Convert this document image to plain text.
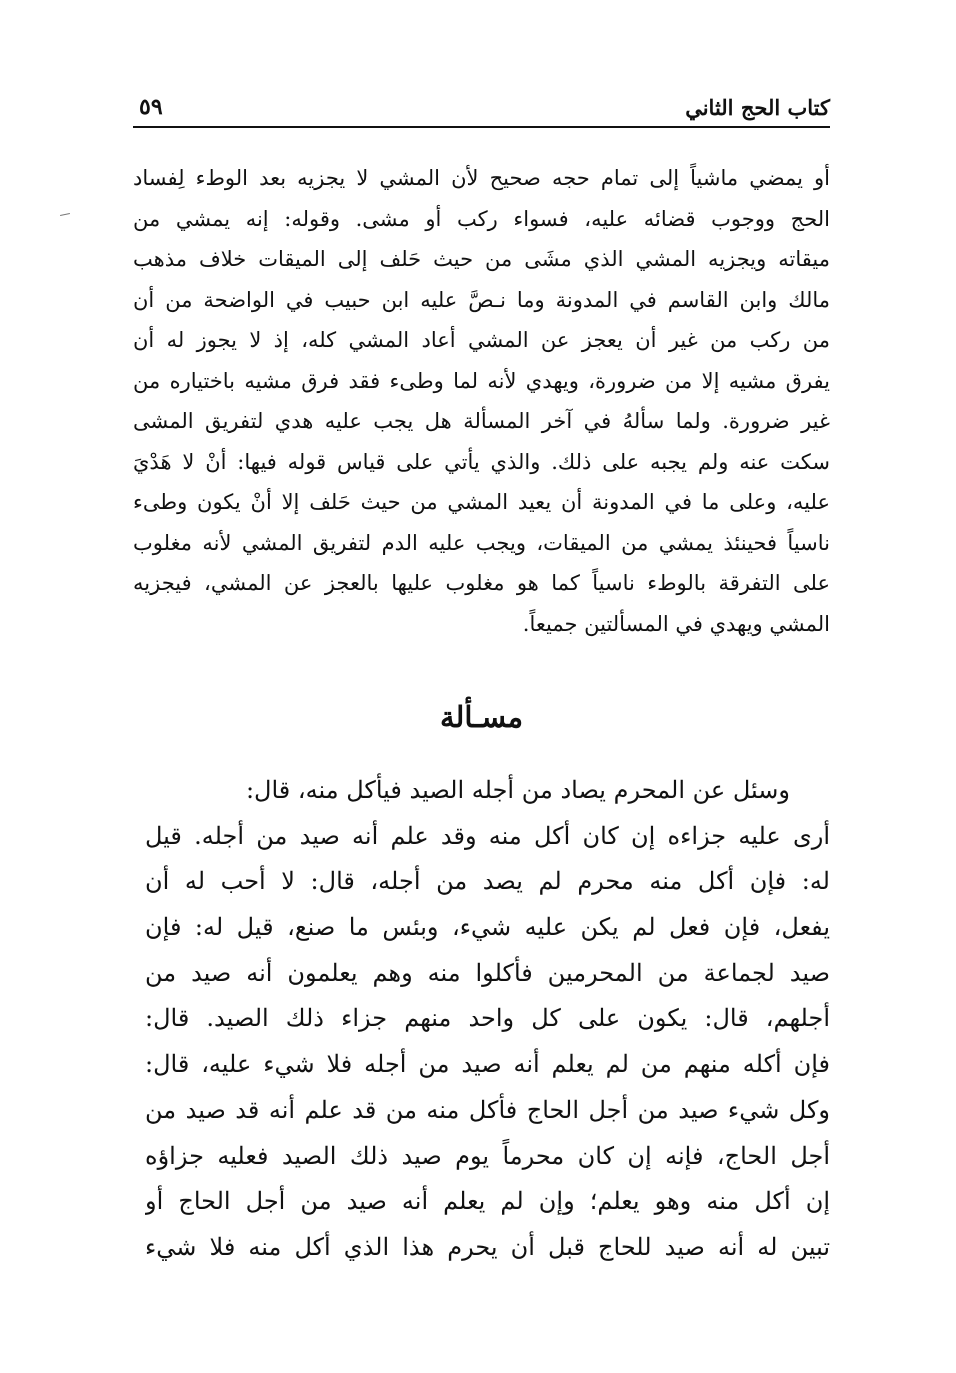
كتاب الحج الثاني
٥٩
أو يمضي ماشياً إلى تمام حجه صحيح لأن المشي لا يجزيه بعد الوطء لِفساد
الحج ووجوب قضائه عليه، فسواء ركب أو مشى. وقوله: إنه يمشي من
ميقاته ويجزيه المشي الذي مشَى من حيث حَلف إلى الميقات خلاف مذهب
مالك وابن القاسم في المدونة وما نـصَّ عليه ابن حبيب في الواضحة من أن
من ركب من غير أن يعجز عن المشي أعاد المشي كله، إذ لا يجوز له أن
يفرق مشيه إلا من ضرورة، ويهدي لأنه لما وطىء فقد فرق مشيه باختياره من
غير ضرورة. ولما سألهُ في آخر المسألة هل يجب عليه هدي لتفريق المشى
سكت عنه ولم يجبه على ذلك. والذي يأتي على قياس قوله فيها: أنْ لا هَدْيَ
عليه، وعلى ما في المدونة أن يعيد المشي من حيث حَلف إلا أنْ يكون وطىء
ناسياً فحينئذ يمشي من الميقات، ويجب عليه الدم لتفريق المشي لأنه مغلوب
على التفرقة بالوطء ناسياً كما هو مغلوب عليها بالعجز عن المشي، فيجزيه
المشي ويهدي في المسألتين جميعاً.
مسـألة
وسئل عن المحرم يصاد من أجله الصيد فيأكل منه، قال:
أرى عليه جزاءه إن كان أكل منه وقد علم أنه صيد من أجله. قيل
له: فإن أكل منه محرم لم يصد من أجله، قال: لا أحب له أن
يفعل، فإن فعل لم يكن عليه شيء، وبئس ما صنع، قيل له: فإن
صيد لجماعة من المحرمين فأكلوا منه وهم يعلمون أنه صيد من
أجلهم، قال: يكون على كل واحد منهم جزاء ذلك الصيد. قال:
فإن أكله منهم من لم يعلم أنه صيد من أجله فلا شيء عليه، قال:
وكل شيء صيد من أجل الحاج فأكل منه من قد علم أنه قد صيد من
أجل الحاج، فإنه إن كان محرماً يوم صيد ذلك الصيد فعليه جزاؤه
إن أكل منه وهو يعلم؛ وإن لم يعلم أنه صيد من أجل الحاج أو
تبين له أنه صيد للحاج قبل أن يحرم هذا الذي أكل منه فلا شيء
